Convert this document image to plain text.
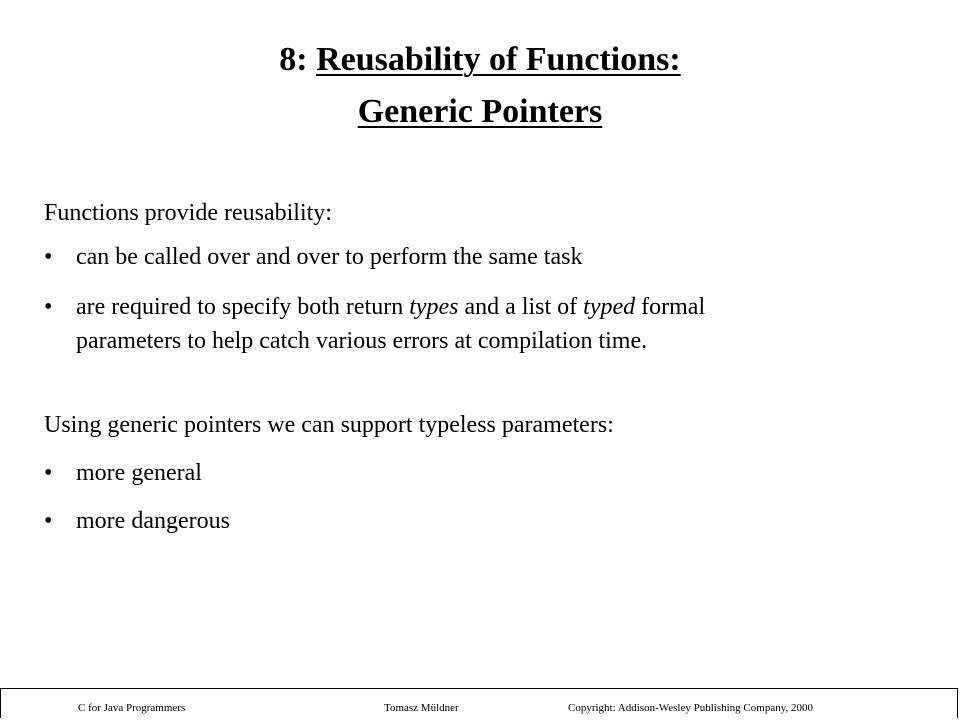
8: Reusability of Functions:
Generic Pointers
Functions provide reusability:
• can be called over and over to perform the same task
• are required to specify both return types and a list of typed formal
parameters to help catch various errors at compilation time.
Using generic pointers we can support typeless parameters:
• more general
• more dangerous
C for Java Programmers	Tomasz Müldner	Copyright: Addison-Wesley Publishing Company, 2000
